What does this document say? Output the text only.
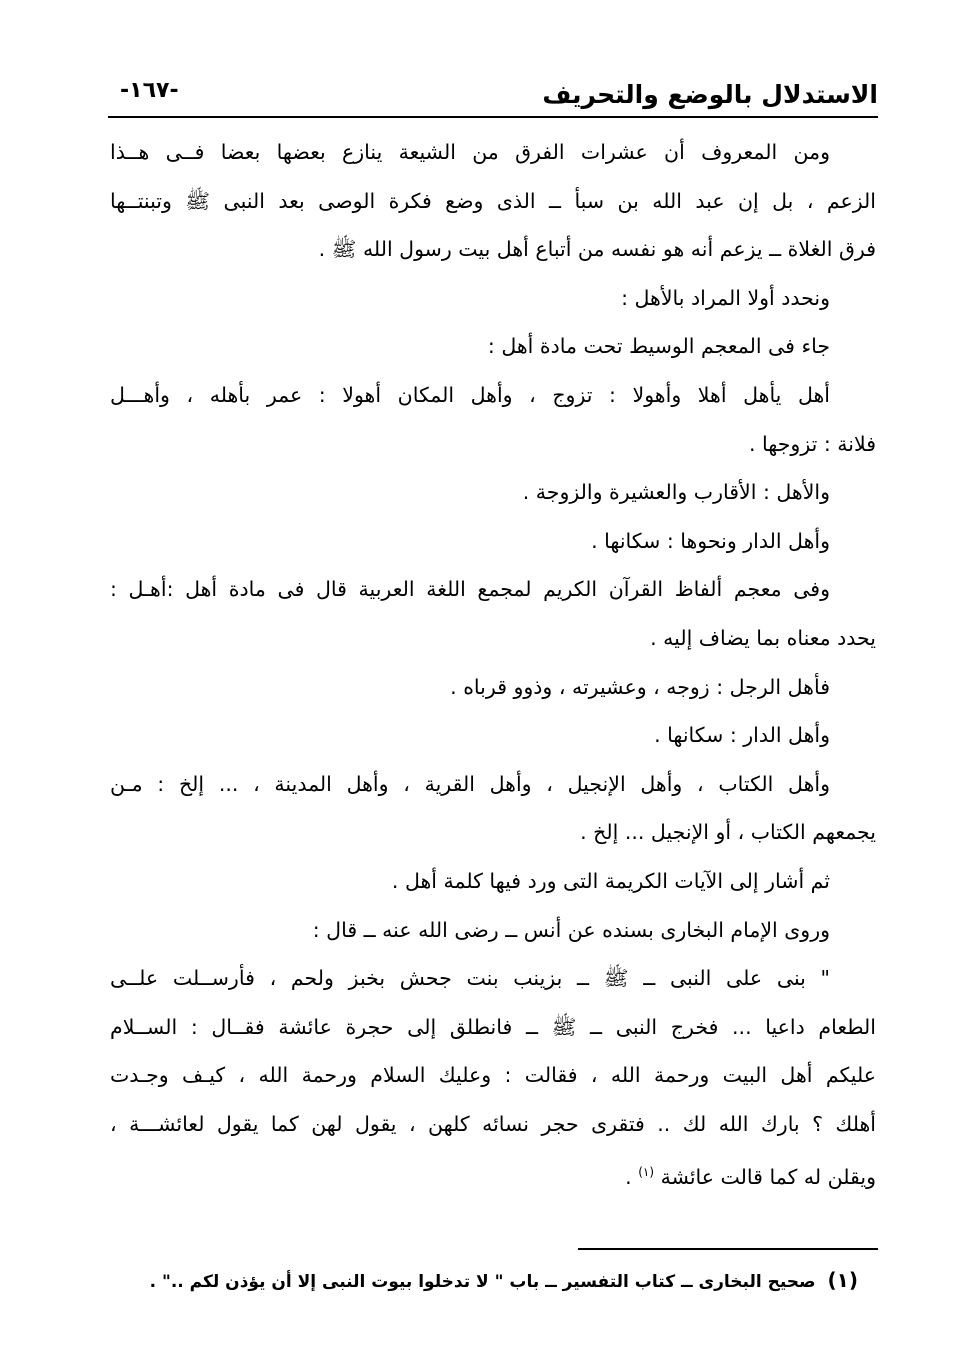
الاستدلال بالوضع والتحريف
-١٦٧-
ومن المعروف أن عشرات الفرق من الشيعة ينازع بعضها بعضا فــى هــذا
الزعم ، بل إن عبد الله بن سبأ ــ الذى وضع فكرة الوصى بعد النبى ﷺ وتبنتــها
فرق الغلاة ــ يزعم أنه هو نفسه من أتباع أهل بيت رسول الله ﷺ .
ونحدد أولا المراد بالأهل :
جاء فى المعجم الوسيط تحت مادة أهل :
أهل يأهل أهلا وأهولا : تزوج ، وأهل المكان أهولا : عمر بأهله ، وأهـــل
فلانة : تزوجها .
والأهل : الأقارب والعشيرة والزوجة .
وأهل الدار ونحوها : سكانها .
وفى معجم ألفاظ القرآن الكريم لمجمع اللغة العربية قال فى مادة أهل :أهـل :
يحدد معناه بما يضاف إليه .
فأهل الرجل : زوجه ، وعشيرته ، وذوو قرباه .
وأهل الدار : سكانها .
وأهل الكتاب ، وأهل الإنجيل ، وأهل القرية ، وأهل المدينة ، ... إلخ : مـن
يجمعهم الكتاب ، أو الإنجيل ... إلخ .
ثم أشار إلى الآيات الكريمة التى ورد فيها كلمة أهل .
وروى الإمام البخارى بسنده عن أنس ــ رضى الله عنه ــ قال :
" بنى على النبى ــ ﷺ ــ بزينب بنت جحش بخبز ولحم ، فأرســلت علــى
الطعام داعيا ... فخرج النبى ــ ﷺ ــ فانطلق إلى حجرة عائشة فقــال : الســلام
عليكم أهل البيت ورحمة الله ، فقالت : وعليك السلام ورحمة الله ، كيـف وجـدت
أهلك ؟ بارك الله لك .. فتقرى حجر نسائه كلهن ، يقول لهن كما يقول لعائشـــة ،
ويقلن له كما قالت عائشة $^{(١)}$ .
(١)صحيح البخارى ــ كتاب التفسير ــ باب " لا تدخلوا بيوت النبى إلا أن يؤذن لكم .." .
